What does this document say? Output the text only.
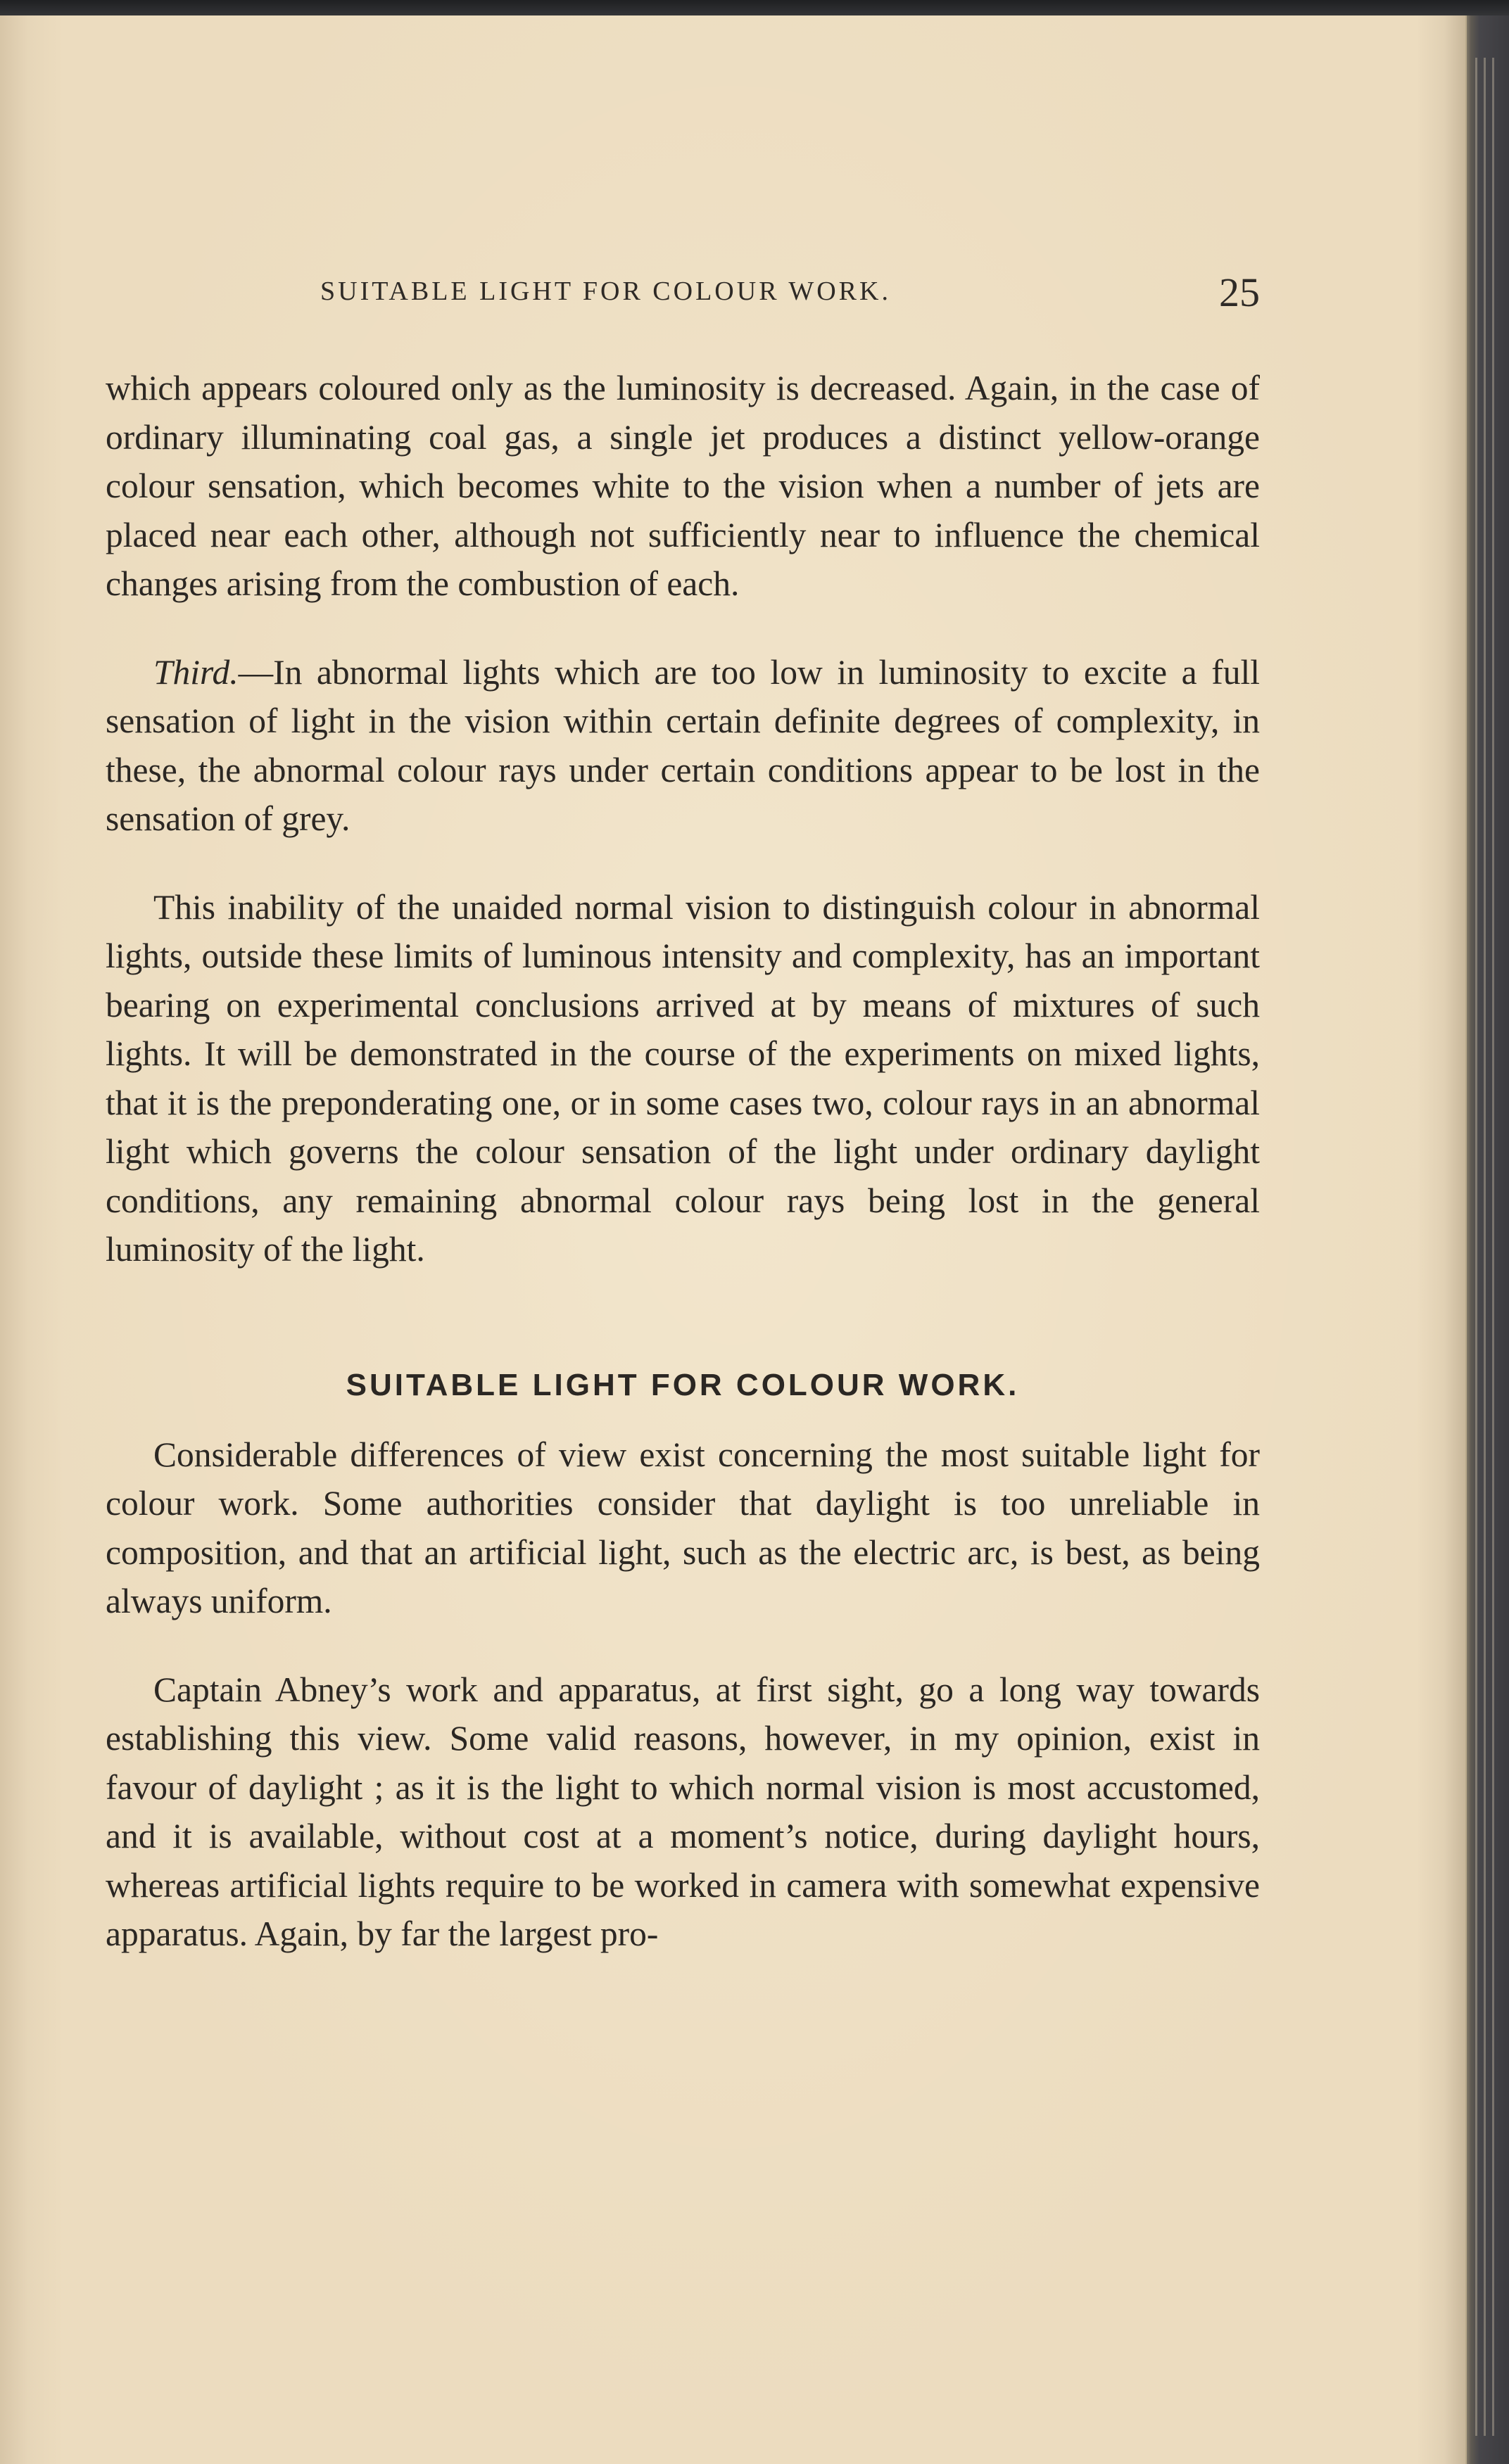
SUITABLE LIGHT FOR COLOUR WORK.	25

which appears coloured only as the luminosity is decreased. Again, in the case of ordinary illuminating coal gas, a single jet produces a distinct yellow-orange colour sensation, which becomes white to the vision when a number of jets are placed near each other, although not sufficiently near to influence the chemical changes arising from the combustion of each.

Third.—In abnormal lights which are too low in luminosity to excite a full sensation of light in the vision within certain definite degrees of complexity, in these, the abnormal colour rays under certain conditions appear to be lost in the sensation of grey.

This inability of the unaided normal vision to distinguish colour in abnormal lights, outside these limits of luminous intensity and complexity, has an important bearing on experimental conclusions arrived at by means of mixtures of such lights. It will be demonstrated in the course of the experiments on mixed lights, that it is the preponderating one, or in some cases two, colour rays in an abnormal light which governs the colour sensation of the light under ordinary daylight conditions, any remaining abnormal colour rays being lost in the general luminosity of the light.

SUITABLE LIGHT FOR COLOUR WORK.

Considerable differences of view exist concerning the most suitable light for colour work. Some authorities consider that daylight is too unreliable in composition, and that an artificial light, such as the electric arc, is best, as being always uniform.

Captain Abney’s work and apparatus, at first sight, go a long way towards establishing this view. Some valid reasons, however, in my opinion, exist in favour of daylight ; as it is the light to which normal vision is most accustomed, and it is available, without cost at a moment’s notice, during daylight hours, whereas artificial lights require to be worked in camera with somewhat expensive apparatus. Again, by far the largest pro-
